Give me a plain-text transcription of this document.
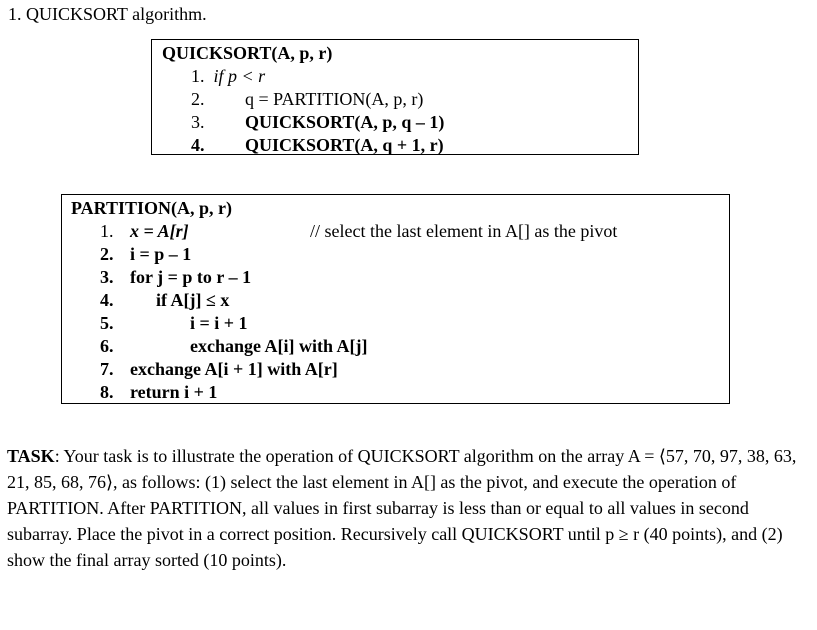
1. QUICKSORT algorithm.
QUICKSORT(A, p, r)
1. if p < r
2. q = PARTITION(A, p, r)
3. QUICKSORT(A, p, q – 1)
4. QUICKSORT(A, q + 1, r)
PARTITION(A, p, r)
// select the last element in A[] as the pivot
1. x = A[r]
2. i = p – 1
3. for j = p to r – 1
4. if A[j] ≤ x
5.	i = i + 1
6.	exchange A[i] with A[j]
7. exchange A[i + 1] with A[r]
8. return i + 1
TASK: Your task is to illustrate the operation of QUICKSORT algorithm on the array A = ⟨57, 70, 97, 38, 63, 21, 85, 68, 76⟩, as follows: (1) select the last element in A[] as the pivot, and execute the operation of PARTITION. After PARTITION, all values in first subarray is less than or equal to all values in second subarray. Place the pivot in a correct position. Recursively call QUICKSORT until p ≥ r (40 points), and (2) show the final array sorted (10 points).
